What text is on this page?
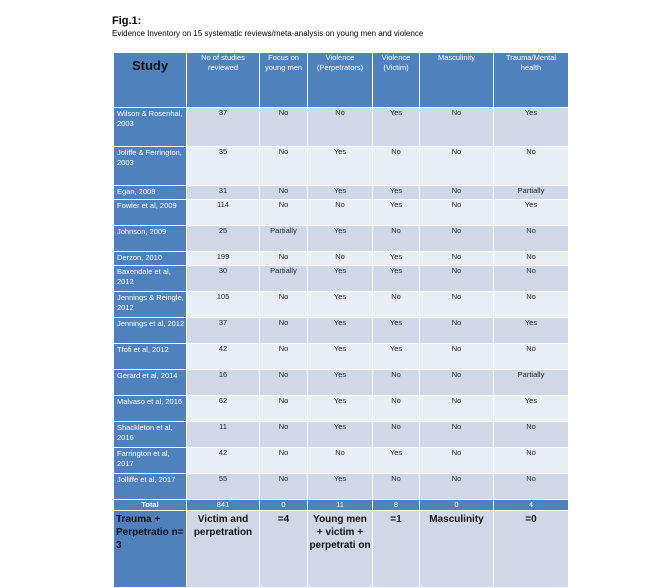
Fig.1:
Evidence Inventory on 15 systematic reviews/meta-analysis on young men and violence
Study	No of studies reviewed	Focus on young men	Violence (Perpetrators)	Violence (Victim)	Masculinity	Trauma/Mental health
Wilson & Rosenhal, 2003	37	No	No	Yes	No	Yes
Joliffe & Ferrington, 2003	35	No	Yes	No	No	No
Egan, 2008	31	No	Yes	Yes	No	Partially
Fowler et al, 2009	114	No	No	Yes	No	Yes
Johnson, 2009	25	Partially	Yes	No	No	No
Derzon, 2010	199	No	No	Yes	No	No
Baxendale et al, 2012	30	Partially	Yes	Yes	No	No
Jennings & Reingle, 2012	105	No	Yes	No	No	No
Jennings et al, 2012	37	No	Yes	Yes	No	Yes
Tfofi et al, 2012	42	No	Yes	Yes	No	No
Gerard et al, 2014	16	No	Yes	No	No	Partially
Malvaso et al, 2016	62	No	Yes	No	No	Yes
Shackleton et al, 2016	11	No	Yes	No	No	No
Farrington et al, 2017	42	No	No	Yes	No	No
Jolliffe et al, 2017	55	No	Yes	No	No	No
Total	841	0	11	8	0	4
Trauma + Perpetratio n= 3	Victim and perpetration	=4	Young men + victim + perpetrati on	=1	Masculinity	=0
